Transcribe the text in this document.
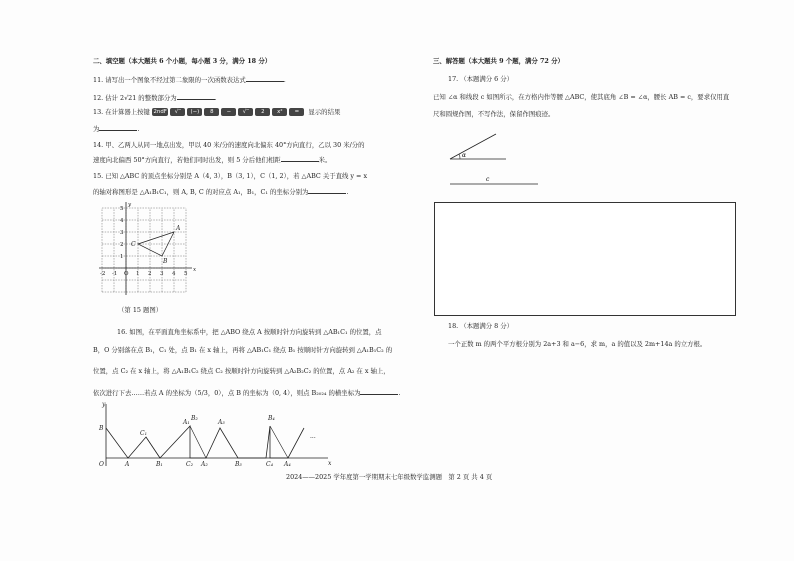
二、填空题（本大题共 6 个小题，每小题 3 分，满分 18 分）
11. 请写出一个图象不经过第二象限的一次函数表达式	.
12. 估计 2√21 的整数部分为	.
13. 在计算器上按键 2ndF √‾ (−) 8 − √‾ 2 x² = 显示的结果
为	.
14. 甲、乙两人从同一地点出发，甲以 40 米/分的速度向北偏东 40°方向直行，乙以 30 米/分的
速度向北偏西 50°方向直行，若他们同时出发，则 5 分后他们相距	米。
15. 已知 △ABC 的顶点坐标分别是 A（4, 3），B（3, 1），C（1, 2），若 △ABC 关于直线 y = x
的轴对称图形是 △A₁B₁C₁，则 A, B, C 的对应点 A₁，B₁，C₁ 的坐标分别为	.
-2 -1 O 1 2 3 4 5
1
2
3
4
5
x
y
A
B
C
（第 15 题图）
16. 如图，在平面直角坐标系中，把 △ABO 绕点 A 按顺时针方向旋转到 △AB₁C₁ 的位置，点
B，O 分别落在点 B₁，C₁ 处，点 B₁ 在 x 轴上，再将 △AB₁C₁ 绕点 B₁ 按顺时针方向旋转到 △A₁B₁C₂ 的
位置，点 C₂ 在 x 轴上，将 △A₁B₁C₂ 绕点 C₂ 按顺时针方向旋转到 △A₂B₂C₂ 的位置，点 A₂ 在 x 轴上，
依次进行下去……若点 A 的坐标为（5/3，0），点 B 的坐标为（0, 4），则点 B₂₀₂₄ 的横坐标为	.
y
B
O	A
C₁
B₁
A₁
B₂
C₂ A₂	B₃
A₃
B₄
C₄ A₄	x
···
三、解答题（本大题共 9 个题，满分 72 分）
17. （本题满分 6 分）
已知 ∠α 和线段 c 如图所示，在方格内作等腰 △ABC，使其底角 ∠B = ∠α，腰长 AB = c，要求仅用直
尺和圆规作图，不写作法，保留作图痕迹。
α
c
18. （本题满分 8 分）
一个正数 m 的两个平方根分别为 2a+3 和 a−6，求 m，a 的值以及 2m+14a 的立方根。
2024——2025 学年度第一学期期末七年级数学监测题　第 2 页 共 4 页
